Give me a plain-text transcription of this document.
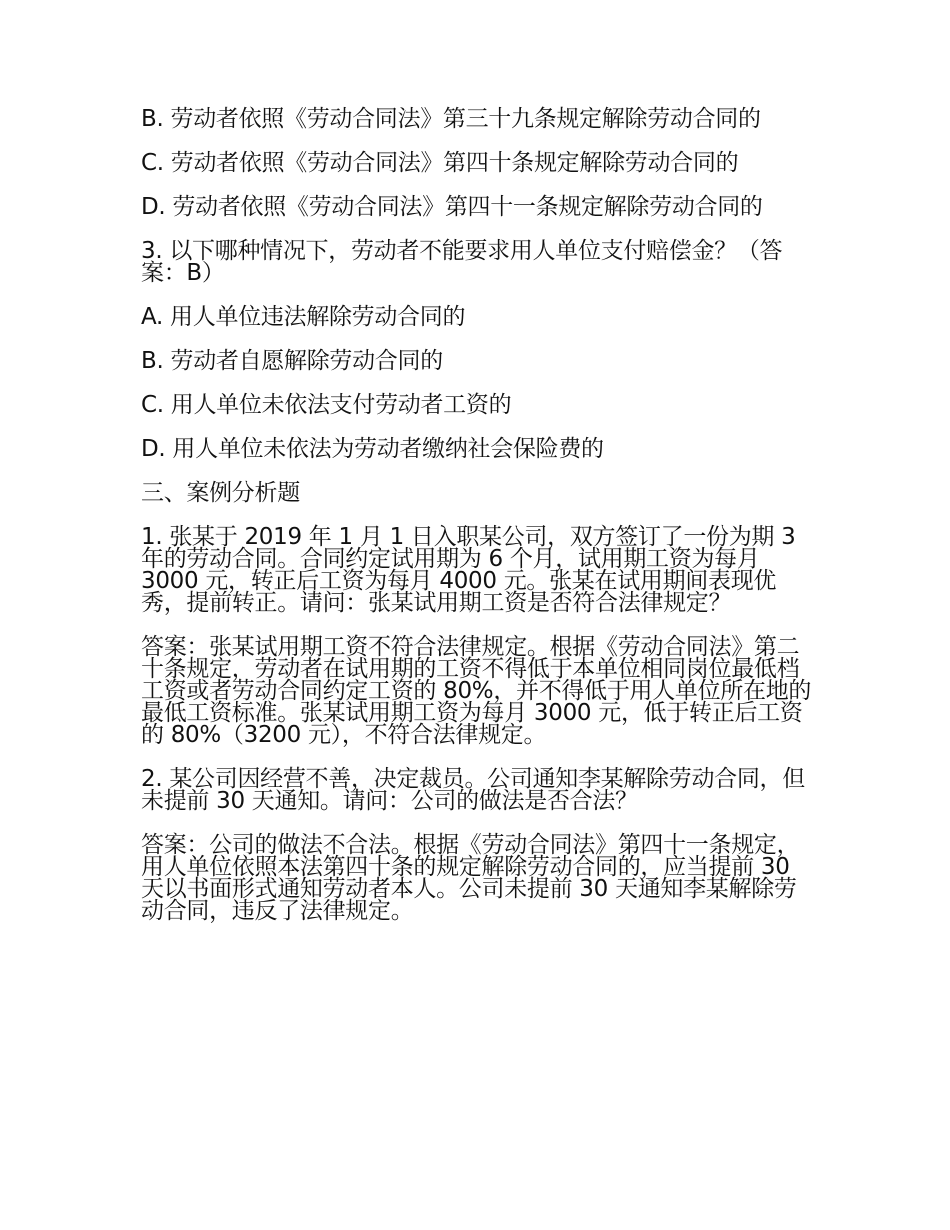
B. 劳动者依照《劳动合同法》第三十九条规定解除劳动合同的

C. 劳动者依照《劳动合同法》第四十条规定解除劳动合同的

D. 劳动者依照《劳动合同法》第四十一条规定解除劳动合同的

3. 以下哪种情况下，劳动者不能要求用人单位支付赔偿金？（答案：B）

A. 用人单位违法解除劳动合同的

B. 劳动者自愿解除劳动合同的

C. 用人单位未依法支付劳动者工资的

D. 用人单位未依法为劳动者缴纳社会保险费的

三、案例分析题

1. 张某于 2019 年 1 月 1 日入职某公司，双方签订了一份为期 3 年的劳动合同。合同约定试用期为 6 个月，试用期工资为每月 3000 元，转正后工资为每月 4000 元。张某在试用期间表现优秀，提前转正。请问：张某试用期工资是否符合法律规定？

答案：张某试用期工资不符合法律规定。根据《劳动合同法》第二十条规定，劳动者在试用期的工资不得低于本单位相同岗位最低档工资或者劳动合同约定工资的 80%，并不得低于用人单位所在地的最低工资标准。张某试用期工资为每月 3000 元，低于转正后工资的 80%（3200 元），不符合法律规定。

2. 某公司因经营不善，决定裁员。公司通知李某解除劳动合同，但未提前 30 天通知。请问：公司的做法是否合法？

答案：公司的做法不合法。根据《劳动合同法》第四十一条规定，用人单位依照本法第四十条的规定解除劳动合同的，应当提前 30 天以书面形式通知劳动者本人。公司未提前 30 天通知李某解除劳动合同，违反了法律规定。
